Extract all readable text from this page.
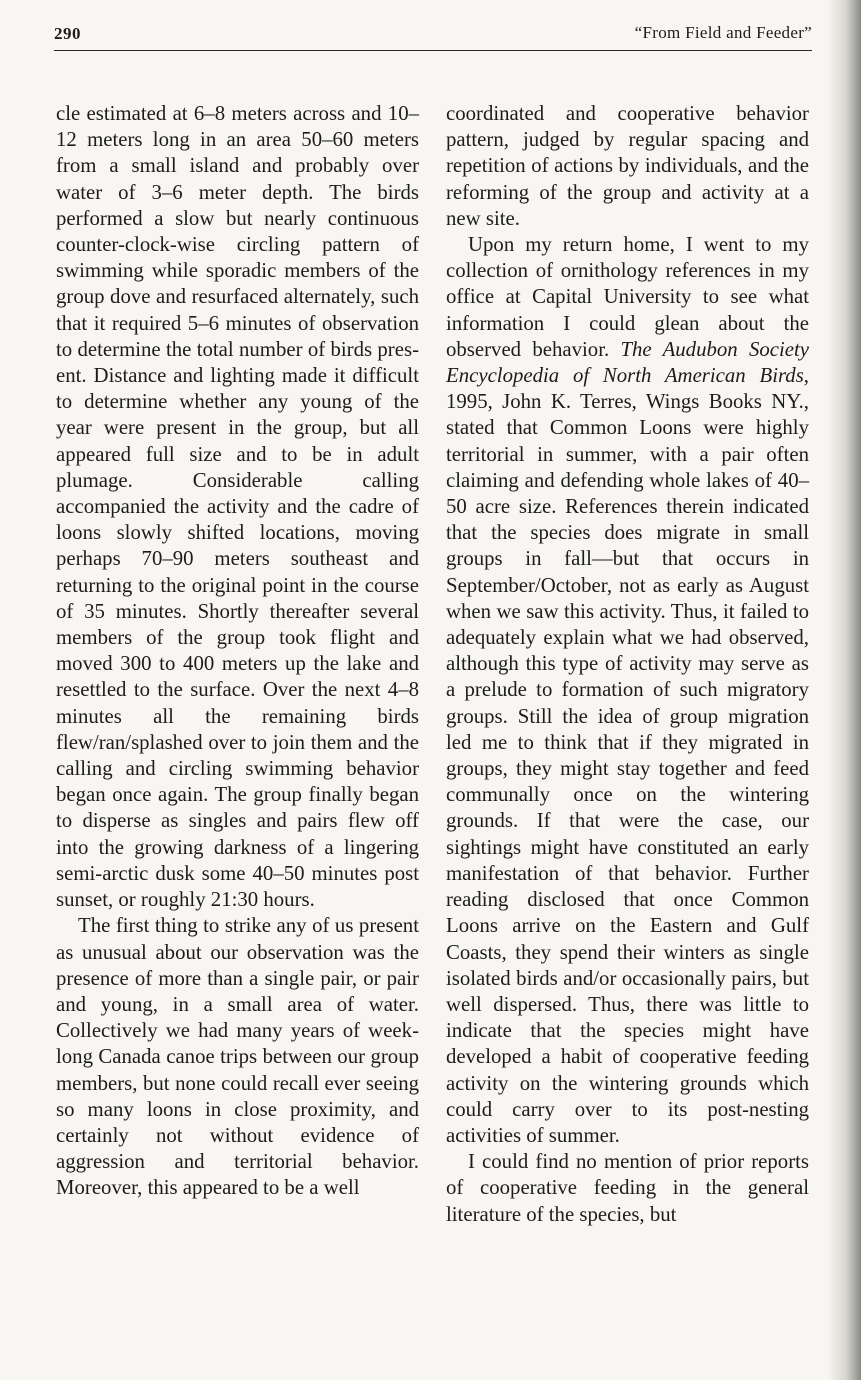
290	“From Field and Feeder”

cle estimated at 6–8 meters across and 10–12 meters long in an area 50–60 meters from a small island and probably over water of 3–6 meter depth. The birds performed a slow but nearly continuous counter-clock-wise circling pattern of swimming while sporadic members of the group dove and resurfaced alternately, such that it required 5–6 minutes of observation to determine the total number of birds present. Distance and lighting made it difficult to determine whether any young of the year were present in the group, but all appeared full size and to be in adult plumage. Considerable calling accompanied the activity and the cadre of loons slowly shifted locations, moving perhaps 70–90 meters southeast and returning to the original point in the course of 35 minutes. Shortly thereafter several members of the group took flight and moved 300 to 400 meters up the lake and resettled to the surface. Over the next 4–8 minutes all the remaining birds flew/ran/splashed over to join them and the calling and circling swimming behavior began once again. The group finally began to disperse as singles and pairs flew off into the growing darkness of a lingering semi-arctic dusk some 40–50 minutes post sunset, or roughly 21:30 hours.

The first thing to strike any of us present as unusual about our observation was the presence of more than a single pair, or pair and young, in a small area of water. Collectively we had many years of week-long Canada canoe trips between our group members, but none could recall ever seeing so many loons in close proximity, and certainly not without evidence of aggression and territorial behavior. Moreover, this appeared to be a well

coordinated and cooperative behavior pattern, judged by regular spacing and repetition of actions by individuals, and the reforming of the group and activity at a new site.

Upon my return home, I went to my collection of ornithology references in my office at Capital University to see what information I could glean about the observed behavior. The Audubon Society Encyclopedia of North American Birds, 1995, John K. Terres, Wings Books NY., stated that Common Loons were highly territorial in summer, with a pair often claiming and defending whole lakes of 40–50 acre size. References therein indicated that the species does migrate in small groups in fall—but that occurs in September/October, not as early as August when we saw this activity. Thus, it failed to adequately explain what we had observed, although this type of activity may serve as a prelude to formation of such migratory groups. Still the idea of group migration led me to think that if they migrated in groups, they might stay together and feed communally once on the wintering grounds. If that were the case, our sightings might have constituted an early manifestation of that behavior. Further reading disclosed that once Common Loons arrive on the Eastern and Gulf Coasts, they spend their winters as single isolated birds and/or occasionally pairs, but well dispersed. Thus, there was little to indicate that the species might have developed a habit of cooperative feeding activity on the wintering grounds which could carry over to its post-nesting activities of summer.

I could find no mention of prior reports of cooperative feeding in the general literature of the species, but
